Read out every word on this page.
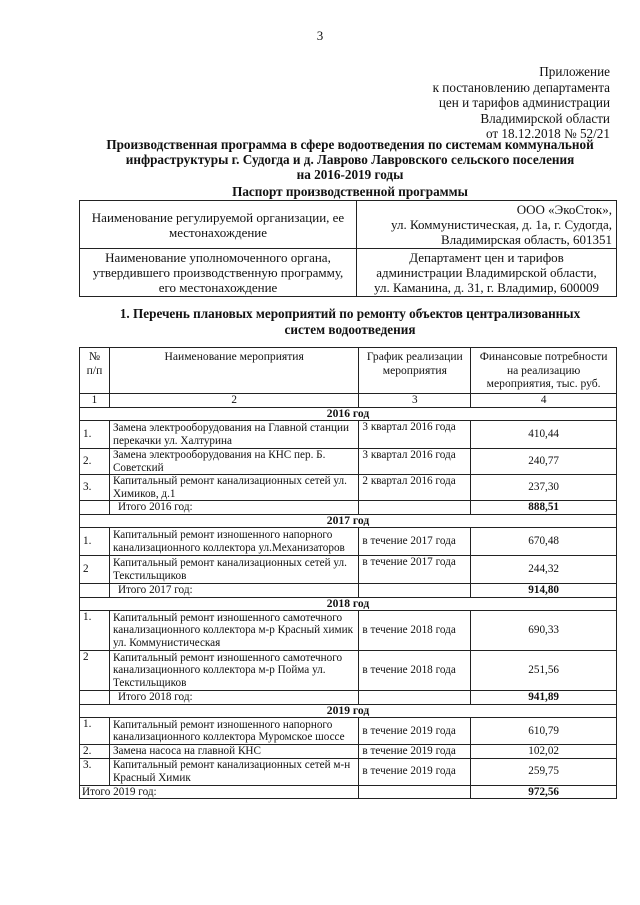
3
Приложение
к постановлению департамента
цен и тарифов администрации
Владимирской области
от 18.12.2018 № 52/21
Производственная программа в сфере водоотведения по системам коммунальной
инфраструктуры г. Судогда и д. Лаврово Лавровского сельского поселения
на 2016-2019 годы
Паспорт производственной программы
Наименование регулируемой организации, ее местонахождение	ООО «ЭкоСток»,
ул. Коммунистическая, д. 1а, г. Судогда,
Владимирская область, 601351

Наименование уполномоченного органа, утвердившего производственную программу, его местонахождение	Департамент цен и тарифов
администрации Владимирской области,
ул. Каманина, д. 31, г. Владимир, 600009
1. Перечень плановых мероприятий по ремонту объектов централизованных
систем водоотведения
№ п/п	Наименование мероприятия	График реализации мероприятия	Финансовые потребности на реализацию мероприятия, тыс. руб.
1	2	3	4
2016 год			
1.	Замена электрооборудования на Главной станции перекачки ул. Халтурина	3 квартал 2016 года	410,44
2.	Замена электрооборудования на КНС пер. Б. Советский	3 квартал 2016 года	240,77
3.	Капитальный ремонт канализационных сетей ул. Химиков, д.1	2 квартал 2016 года	237,30
	Итого 2016 год:		888,51
2017 год			
1.	Капитальный ремонт изношенного напорного канализационного коллектора ул.Механизаторов	в течение 2017 года	670,48
2	Капитальный ремонт канализационных сетей ул. Текстильщиков	в течение 2017 года	244,32
	Итого 2017 год:		914,80
2018 год			
1.	Капитальный ремонт изношенного самотечного канализационного коллектора м-р Красный химик ул. Коммунистическая	в течение 2018 года	690,33
2	Капитальный ремонт изношенного самотечного канализационного коллектора м-р Пойма ул. Текстильщиков	в течение 2018 года	251,56
	Итого 2018 год:		941,89
2019 год			
1.	Капитальный ремонт изношенного напорного канализационного коллектора Муромское шоссе	в течение 2019 года	610,79
2.	Замена насоса на главной КНС	в течение 2019 года	102,02
3.	Капитальный ремонт канализационных сетей м-н Красный Химик	в течение 2019 года	259,75
Итого 2019 год:			972,56
